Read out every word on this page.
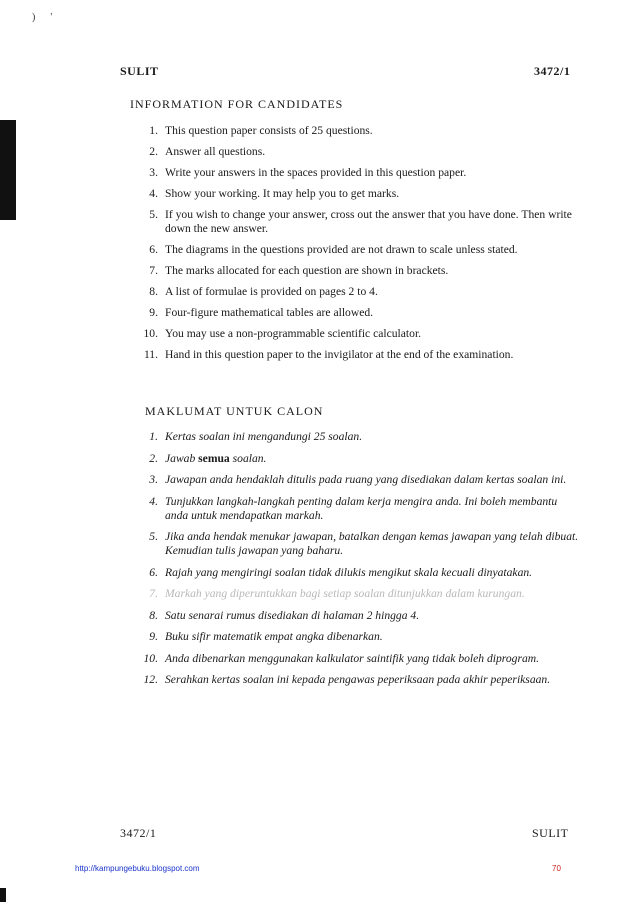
)      '
SULIT	3472/1
INFORMATION FOR CANDIDATES
1. This question paper consists of 25 questions.
2. Answer all questions.
3. Write your answers in the spaces provided in this question paper.
4. Show your working. It may help you to get marks.
5. If you wish to change your answer, cross out the answer that you have done. Then write down the new answer.
6. The diagrams in the questions provided are not drawn to scale unless stated.
7. The marks allocated for each question are shown in brackets.
8. A list of formulae is provided on pages 2 to 4.
9. Four-figure mathematical tables are allowed.
10. You may use a non-programmable scientific calculator.
11. Hand in this question paper to the invigilator at the end of the examination.
MAKLUMAT UNTUK CALON
1. Kertas soalan ini mengandungi 25 soalan.
2. Jawab semua soalan.
3. Jawapan anda hendaklah ditulis pada ruang yang disediakan dalam kertas soalan ini.
4. Tunjukkan langkah-langkah penting dalam kerja mengira anda. Ini boleh membantu anda untuk mendapatkan markah.
5. Jika anda hendak menukar jawapan, batalkan dengan kemas jawapan yang telah dibuat. Kemudian tulis jawapan yang baharu.
6. Rajah yang mengiringi soalan tidak dilukis mengikut skala kecuali dinyatakan.
7. Markah yang diperuntukkan bagi setiap soalan ditunjukkan dalam kurungan.
8. Satu senarai rumus disediakan di halaman 2 hingga 4.
9. Buku sifir matematik empat angka dibenarkan.
10. Anda dibenarkan menggunakan kalkulator saintifik yang tidak boleh diprogram.
12. Serahkan kertas soalan ini kepada pengawas peperiksaan pada akhir peperiksaan.
3472/1	SULIT
http://kampungebuku.blogspot.com	70
